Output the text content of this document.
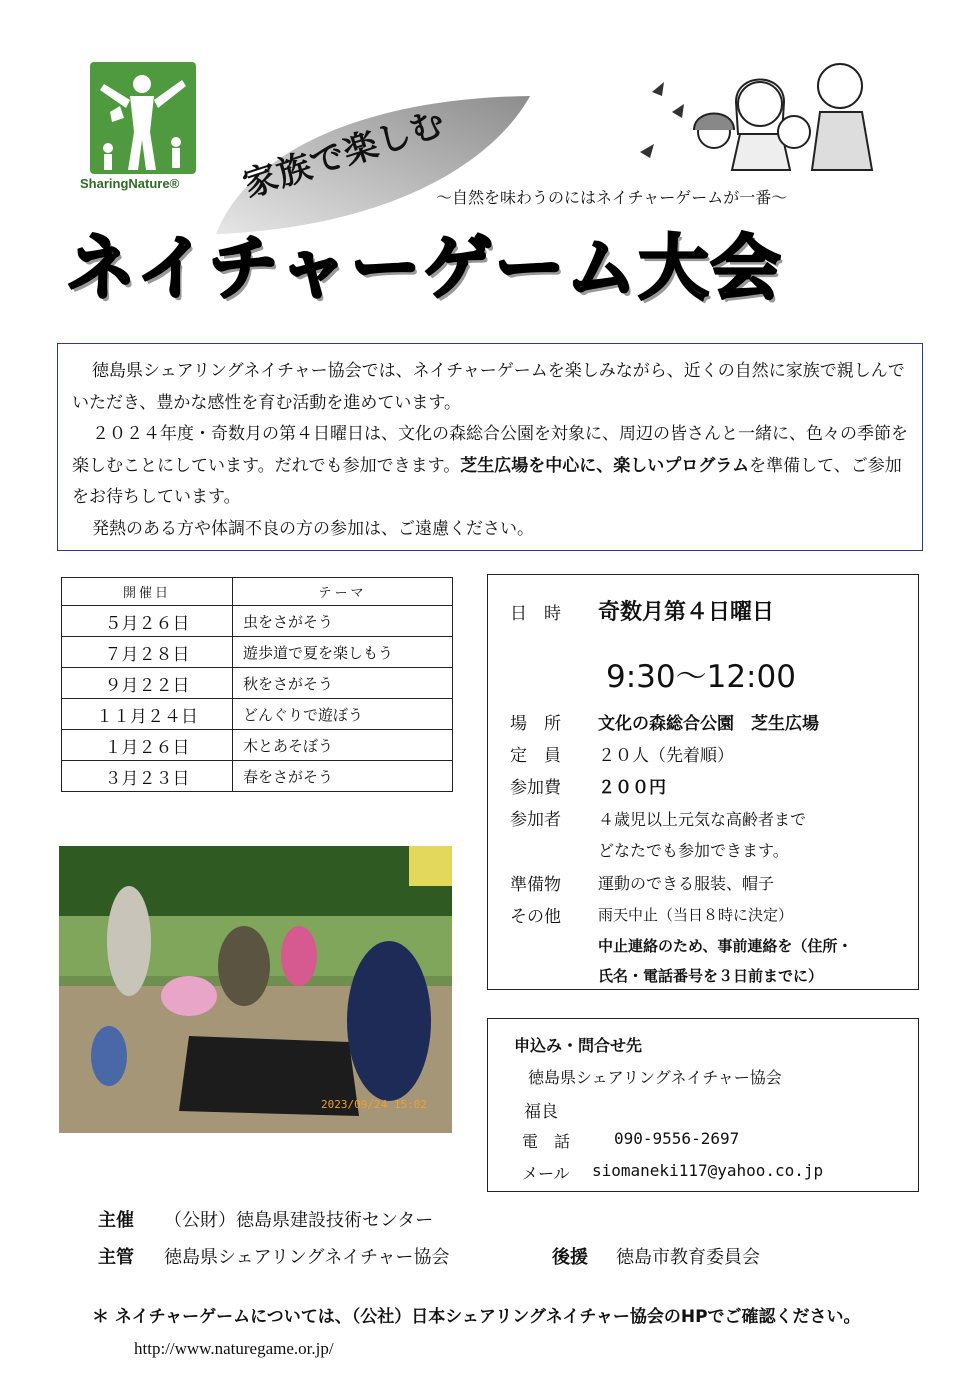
SharingNature® 家族で楽しむ
〜自然を味わうのにはネイチャーゲームが一番〜
ネイチャーゲーム大会

徳島県シェアリングネイチャー協会では、ネイチャーゲームを楽しみながら、近くの自然に家族で親しんでいただき、豊かな感性を育む活動を進めています。

２０２４年度・奇数月の第４日曜日は、文化の森総合公園を対象に、周辺の皆さんと一緒に、色々の季節を楽しむことにしています。だれでも参加できます。芝生広場を中心に、楽しいプログラムを準備して、ご参加をお待ちしています。

発熱のある方や体調不良の方の参加は、ご遠慮ください。

開催日	テーマ
５月２６日	虫をさがそう
７月２８日	遊歩道で夏を楽しもう
９月２２日	秋をさがそう
１１月２４日	どんぐりで遊ぼう
１月２６日	木とあそぼう
３月２３日	春をさがそう
日　時 奇数月第４日曜日
9:30〜12:00
場　所 文化の森総合公園　芝生広場
定　員 ２０人（先着順）
参加費 ２００円
参加者 ４歳児以上元気な高齢者まで
どなたでも参加できます。
準備物 運動のできる服装、帽子
その他 雨天中止（当日８時に決定）
中止連絡のため、事前連絡を（住所・
氏名・電話番号を３日前までに）
2023/09/24 15:02
申込み・問合せ先
徳島県シェアリングネイチャー協会
福良
電　話	090-9556-2697
メール siomaneki117@yahoo.co.jp
主催 （公財）徳島県建設技術センター
主管 徳島県シェアリングネイチャー協会	後援 徳島市教育委員会
＊ ネイチャーゲームについては、（公社）日本シェアリングネイチャー協会のHPでご確認ください。
http://www.naturegame.or.jp/
